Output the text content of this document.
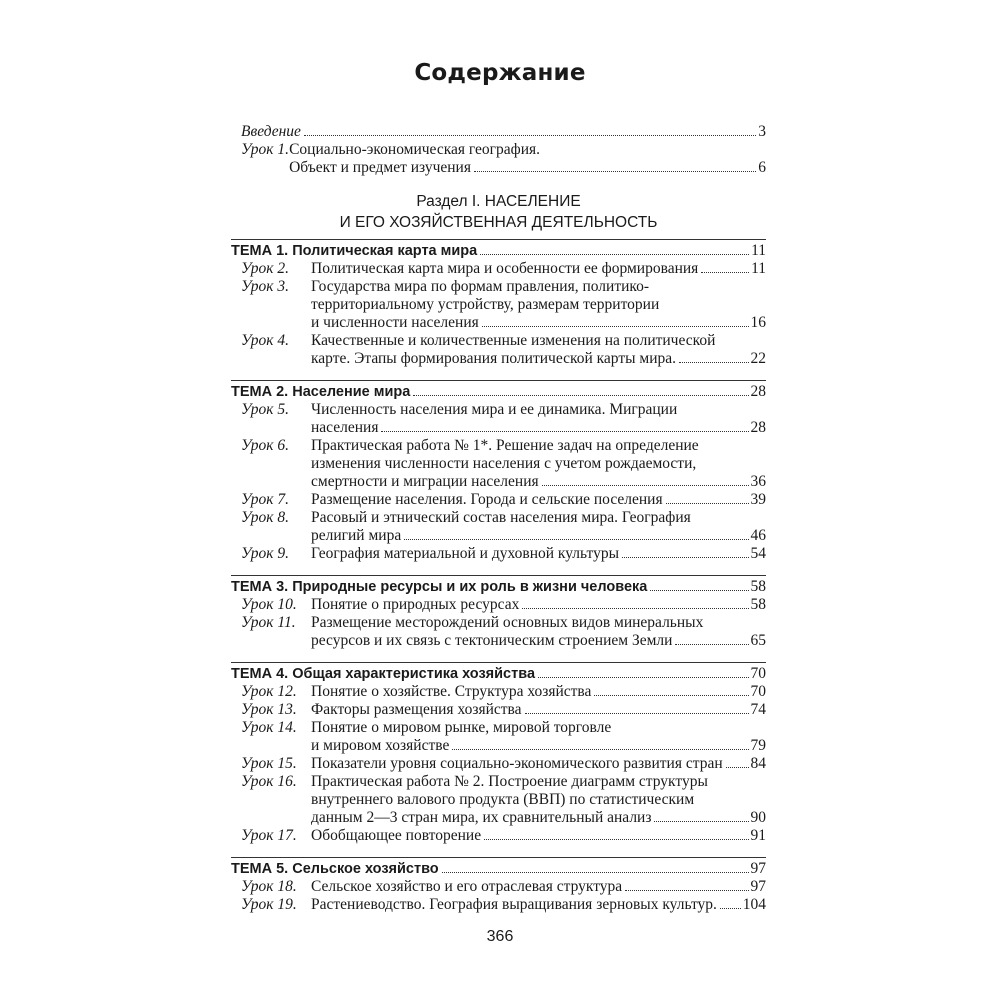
Содержание
Введение	3
Урок 1. Социально-экономическая география.
Объект и предмет изучения	6
Раздел I. НАСЕЛЕНИЕ
И ЕГО ХОЗЯЙСТВЕННАЯ ДЕЯТЕЛЬНОСТЬ
ТЕМА 1. Политическая карта мира	11
Урок 2.	Политическая карта мира и особенности ее формирования	11
Урок 3.	Государства мира по формам правления, политико-
территориальному устройству, размерам территории
и численности населения	16
Урок 4.	Качественные и количественные изменения на политической
карте. Этапы формирования политической карты мира.	22
ТЕМА 2. Население мира	28
Урок 5.	Численность населения мира и ее динамика. Миграции
населения	28
Урок 6.	Практическая работа № 1*. Решение задач на определение
изменения численности населения с учетом рождаемости,
смертности и миграции населения	36
Урок 7.	Размещение населения. Города и сельские поселения	39
Урок 8.	Расовый и этнический состав населения мира. География
религий мира	46
Урок 9.	География материальной и духовной культуры	54
ТЕМА 3. Природные ресурсы и их роль в жизни человека	58
Урок 10. Понятие о природных ресурсах	58
Урок 11. Размещение месторождений основных видов минеральных
ресурсов и их связь с тектоническим строением Земли	65
ТЕМА 4. Общая характеристика хозяйства	70
Урок 12. Понятие о хозяйстве. Структура хозяйства	70
Урок 13. Факторы размещения хозяйства	74
Урок 14. Понятие о мировом рынке, мировой торговле
и мировом хозяйстве	79
Урок 15. Показатели уровня социально-экономического развития стран 84
Урок 16. Практическая работа № 2. Построение диаграмм структуры
внутреннего валового продукта (ВВП) по статистическим
данным 2—3 стран мира, их сравнительный анализ	90
Урок 17. Обобщающее повторение	91
ТЕМА 5. Сельское хозяйство	97
Урок 18. Сельское хозяйство и его отраслевая структура	97
Урок 19. Растениеводство. География выращивания зерновых культур. 104
366
